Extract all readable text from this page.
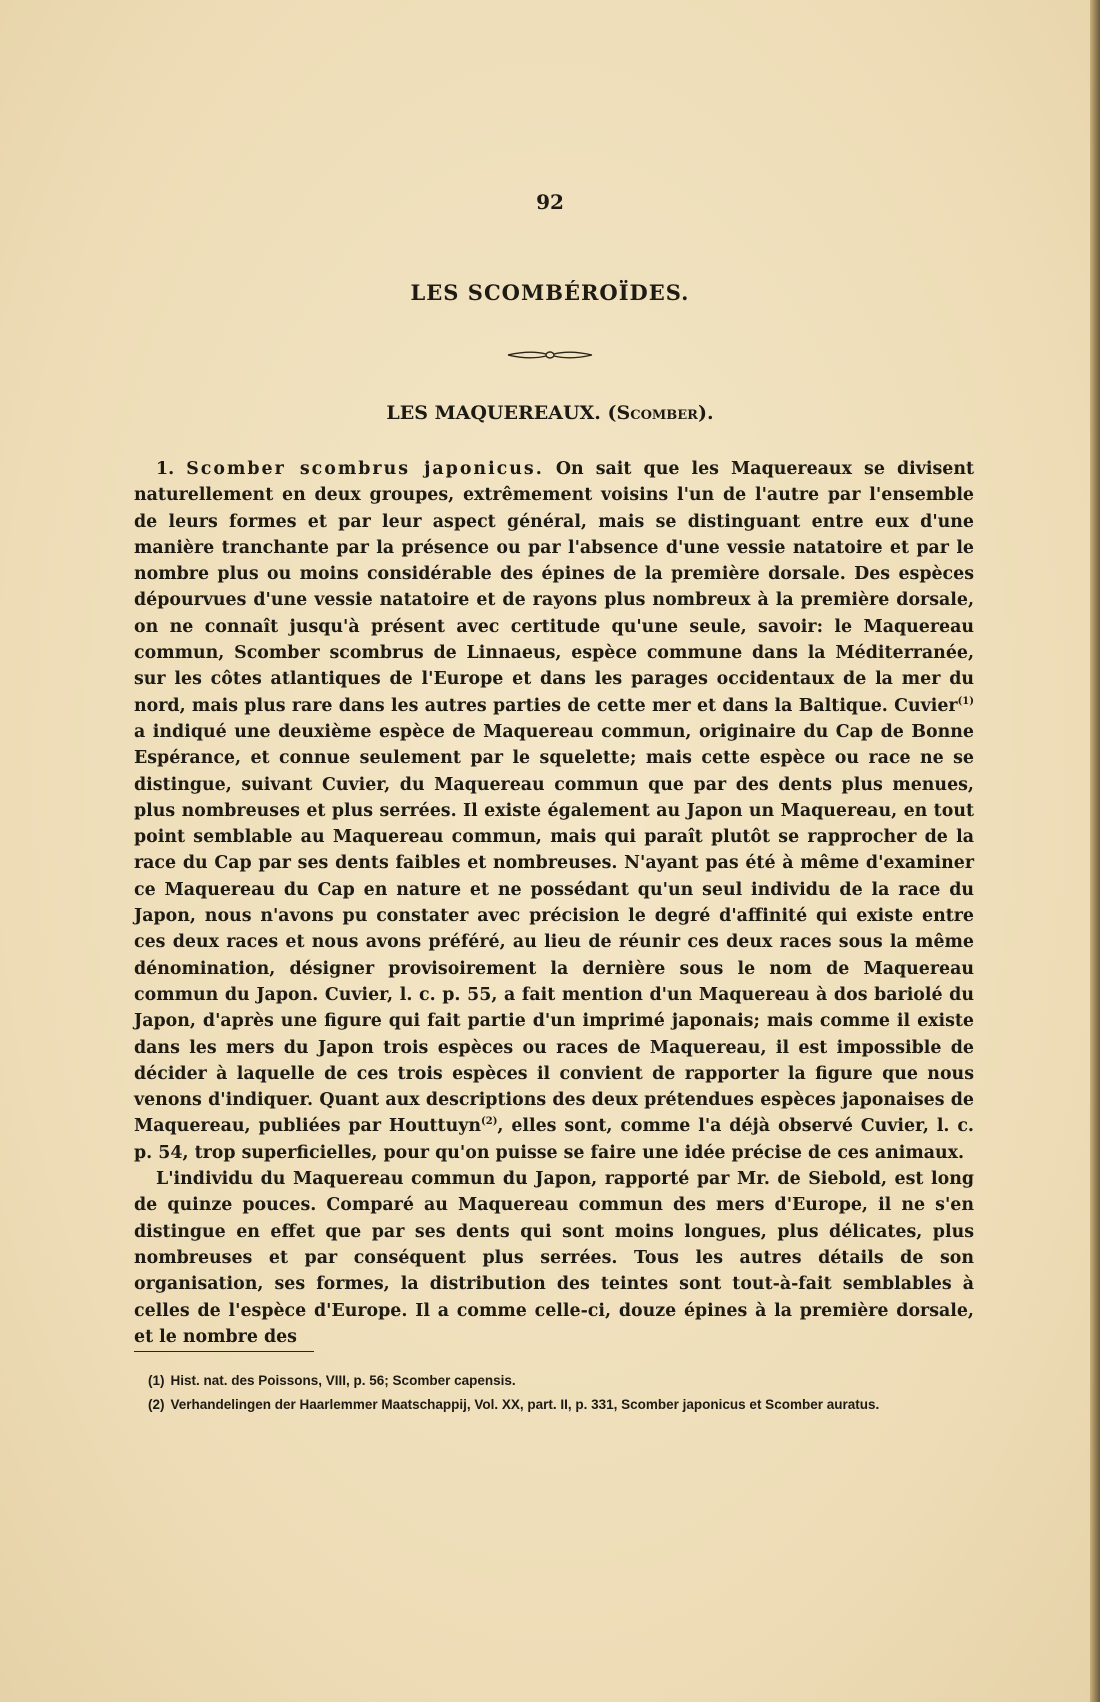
92
LES SCOMBÉROÏDES.
LES MAQUEREAUX. (Scomber).

1. Scomber scombrus japonicus. On sait que les Maquereaux se divisent naturellement en deux groupes, extrêmement voisins l'un de l'autre par l'ensemble de leurs formes et par leur aspect général, mais se distinguant entre eux d'une manière tranchante par la présence ou par l'absence d'une vessie natatoire et par le nombre plus ou moins considérable des épines de la première dorsale. Des espèces dépourvues d'une vessie natatoire et de rayons plus nombreux à la première dorsale, on ne connaît jusqu'à présent avec certitude qu'une seule, savoir: le Maquereau commun, Scomber scombrus de Linnaeus, espèce commune dans la Méditerranée, sur les côtes atlantiques de l'Europe et dans les parages occidentaux de la mer du nord, mais plus rare dans les autres parties de cette mer et dans la Baltique. Cuvier$^{(1)}$ a indiqué une deuxième espèce de Maquereau commun, originaire du Cap de Bonne Espérance, et connue seulement par le squelette; mais cette espèce ou race ne se distingue, suivant Cuvier, du Maquereau commun que par des dents plus menues, plus nombreuses et plus serrées. Il existe également au Japon un Maquereau, en tout point semblable au Maquereau commun, mais qui paraît plutôt se rapprocher de la race du Cap par ses dents faibles et nombreuses. N'ayant pas été à même d'examiner ce Maquereau du Cap en nature et ne possédant qu'un seul individu de la race du Japon, nous n'avons pu constater avec précision le degré d'affinité qui existe entre ces deux races et nous avons préféré, au lieu de réunir ces deux races sous la même dénomination, désigner provisoirement la dernière sous le nom de Maquereau commun du Japon. Cuvier, l. c. p. 55, a fait mention d'un Maquereau à dos bariolé du Japon, d'après une figure qui fait partie d'un imprimé japonais; mais comme il existe dans les mers du Japon trois espèces ou races de Maquereau, il est impossible de décider à laquelle de ces trois espèces il convient de rapporter la figure que nous venons d'indiquer. Quant aux descriptions des deux prétendues espèces japonaises de Maquereau, publiées par Houttuyn$^{(2)}$, elles sont, comme l'a déjà observé Cuvier, l. c. p. 54, trop superficielles, pour qu'on puisse se faire une idée précise de ces animaux.

L'individu du Maquereau commun du Japon, rapporté par Mr. de Siebold, est long de quinze pouces. Comparé au Maquereau commun des mers d'Europe, il ne s'en distingue en effet que par ses dents qui sont moins longues, plus délicates, plus nombreuses et par conséquent plus serrées. Tous les autres détails de son organisation, ses formes, la distribution des teintes sont tout-à-fait semblables à celles de l'espèce d'Europe. Il a comme celle-ci, douze épines à la première dorsale, et le nombre des

(1) Hist. nat. des Poissons, VIII, p. 56; Scomber capensis.

(2) Verhandelingen der Haarlemmer Maatschappij, Vol. XX, part. II, p. 331, Scomber japonicus et Scomber auratus.
